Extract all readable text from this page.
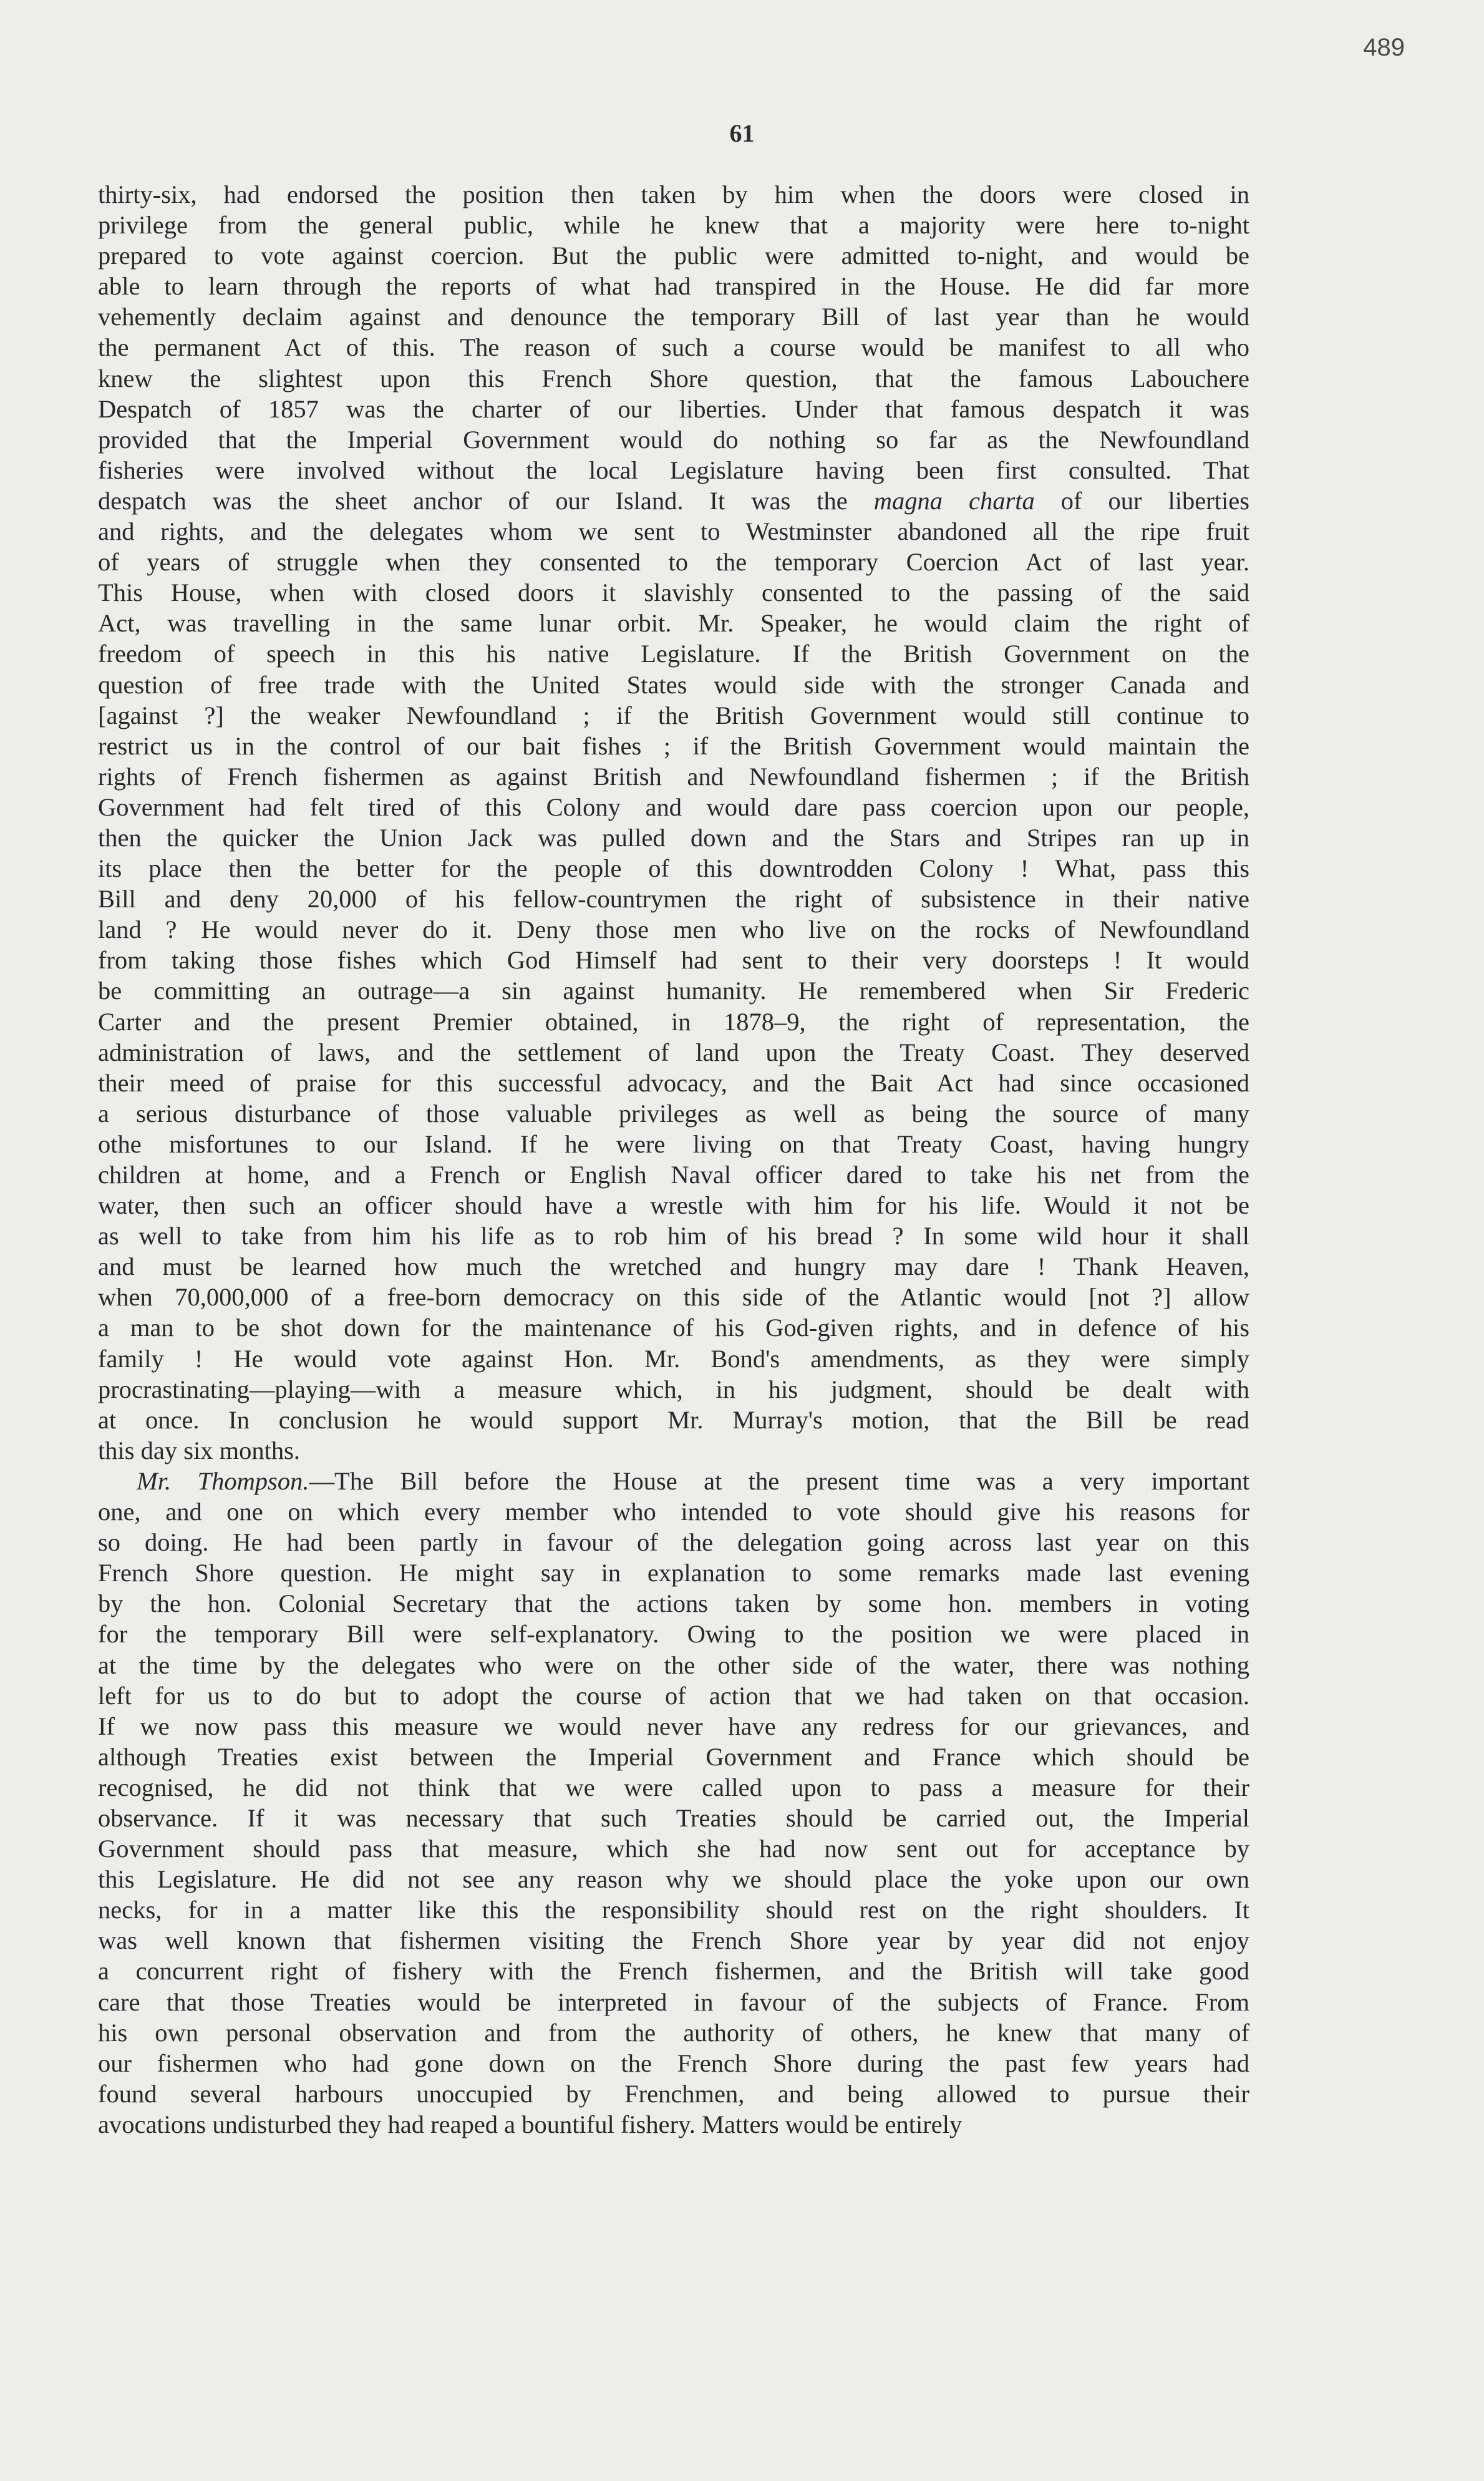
489
61
thirty-six, had endorsed the position then taken by him when the doors were closed in
privilege from the general public, while he knew that a majority were here to-night
prepared to vote against coercion. But the public were admitted to-night, and would be
able to learn through the reports of what had transpired in the House. He did far more
vehemently declaim against and denounce the temporary Bill of last year than he would
the permanent Act of this. The reason of such a course would be manifest to all who
knew the slightest upon this French Shore question, that the famous Labouchere
Despatch of 1857 was the charter of our liberties. Under that famous despatch it was
provided that the Imperial Government would do nothing so far as the Newfoundland
fisheries were involved without the local Legislature having been first consulted. That
despatch was the sheet anchor of our Island. It was the magna charta of our liberties
and rights, and the delegates whom we sent to Westminster abandoned all the ripe fruit
of years of struggle when they consented to the temporary Coercion Act of last year.
This House, when with closed doors it slavishly consented to the passing of the said
Act, was travelling in the same lunar orbit. Mr. Speaker, he would claim the right of
freedom of speech in this his native Legislature. If the British Government on the
question of free trade with the United States would side with the stronger Canada and
[against ?] the weaker Newfoundland ; if the British Government would still continue to
restrict us in the control of our bait fishes ; if the British Government would maintain the
rights of French fishermen as against British and Newfoundland fishermen ; if the British
Government had felt tired of this Colony and would dare pass coercion upon our people,
then the quicker the Union Jack was pulled down and the Stars and Stripes ran up in
its place then the better for the people of this downtrodden Colony ! What, pass this
Bill and deny 20,000 of his fellow-countrymen the right of subsistence in their native
land ? He would never do it. Deny those men who live on the rocks of Newfoundland
from taking those fishes which God Himself had sent to their very doorsteps ! It would
be committing an outrage—a sin against humanity. He remembered when Sir Frederic
Carter and the present Premier obtained, in 1878–9, the right of representation, the
administration of laws, and the settlement of land upon the Treaty Coast. They deserved
their meed of praise for this successful advocacy, and the Bait Act had since occasioned
a serious disturbance of those valuable privileges as well as being the source of many
othe misfortunes to our Island. If he were living on that Treaty Coast, having hungry
children at home, and a French or English Naval officer dared to take his net from the
water, then such an officer should have a wrestle with him for his life. Would it not be
as well to take from him his life as to rob him of his bread ? In some wild hour it shall
and must be learned how much the wretched and hungry may dare ! Thank Heaven,
when 70,000,000 of a free-born democracy on this side of the Atlantic would [not ?] allow
a man to be shot down for the maintenance of his God-given rights, and in defence of his
family ! He would vote against Hon. Mr. Bond's amendments, as they were simply
procrastinating—playing—with a measure which, in his judgment, should be dealt with
at once. In conclusion he would support Mr. Murray's motion, that the Bill be read
this day six months.
Mr. Thompson.—The Bill before the House at the present time was a very important
one, and one on which every member who intended to vote should give his reasons for
so doing. He had been partly in favour of the delegation going across last year on this
French Shore question. He might say in explanation to some remarks made last evening
by the hon. Colonial Secretary that the actions taken by some hon. members in voting
for the temporary Bill were self-explanatory. Owing to the position we were placed in
at the time by the delegates who were on the other side of the water, there was nothing
left for us to do but to adopt the course of action that we had taken on that occasion.
If we now pass this measure we would never have any redress for our grievances, and
although Treaties exist between the Imperial Government and France which should be
recognised, he did not think that we were called upon to pass a measure for their
observance. If it was necessary that such Treaties should be carried out, the Imperial
Government should pass that measure, which she had now sent out for acceptance by
this Legislature. He did not see any reason why we should place the yoke upon our own
necks, for in a matter like this the responsibility should rest on the right shoulders. It
was well known that fishermen visiting the French Shore year by year did not enjoy
a concurrent right of fishery with the French fishermen, and the British will take good
care that those Treaties would be interpreted in favour of the subjects of France. From
his own personal observation and from the authority of others, he knew that many of
our fishermen who had gone down on the French Shore during the past few years had
found several harbours unoccupied by Frenchmen, and being allowed to pursue their
avocations undisturbed they had reaped a bountiful fishery. Matters would be entirely
